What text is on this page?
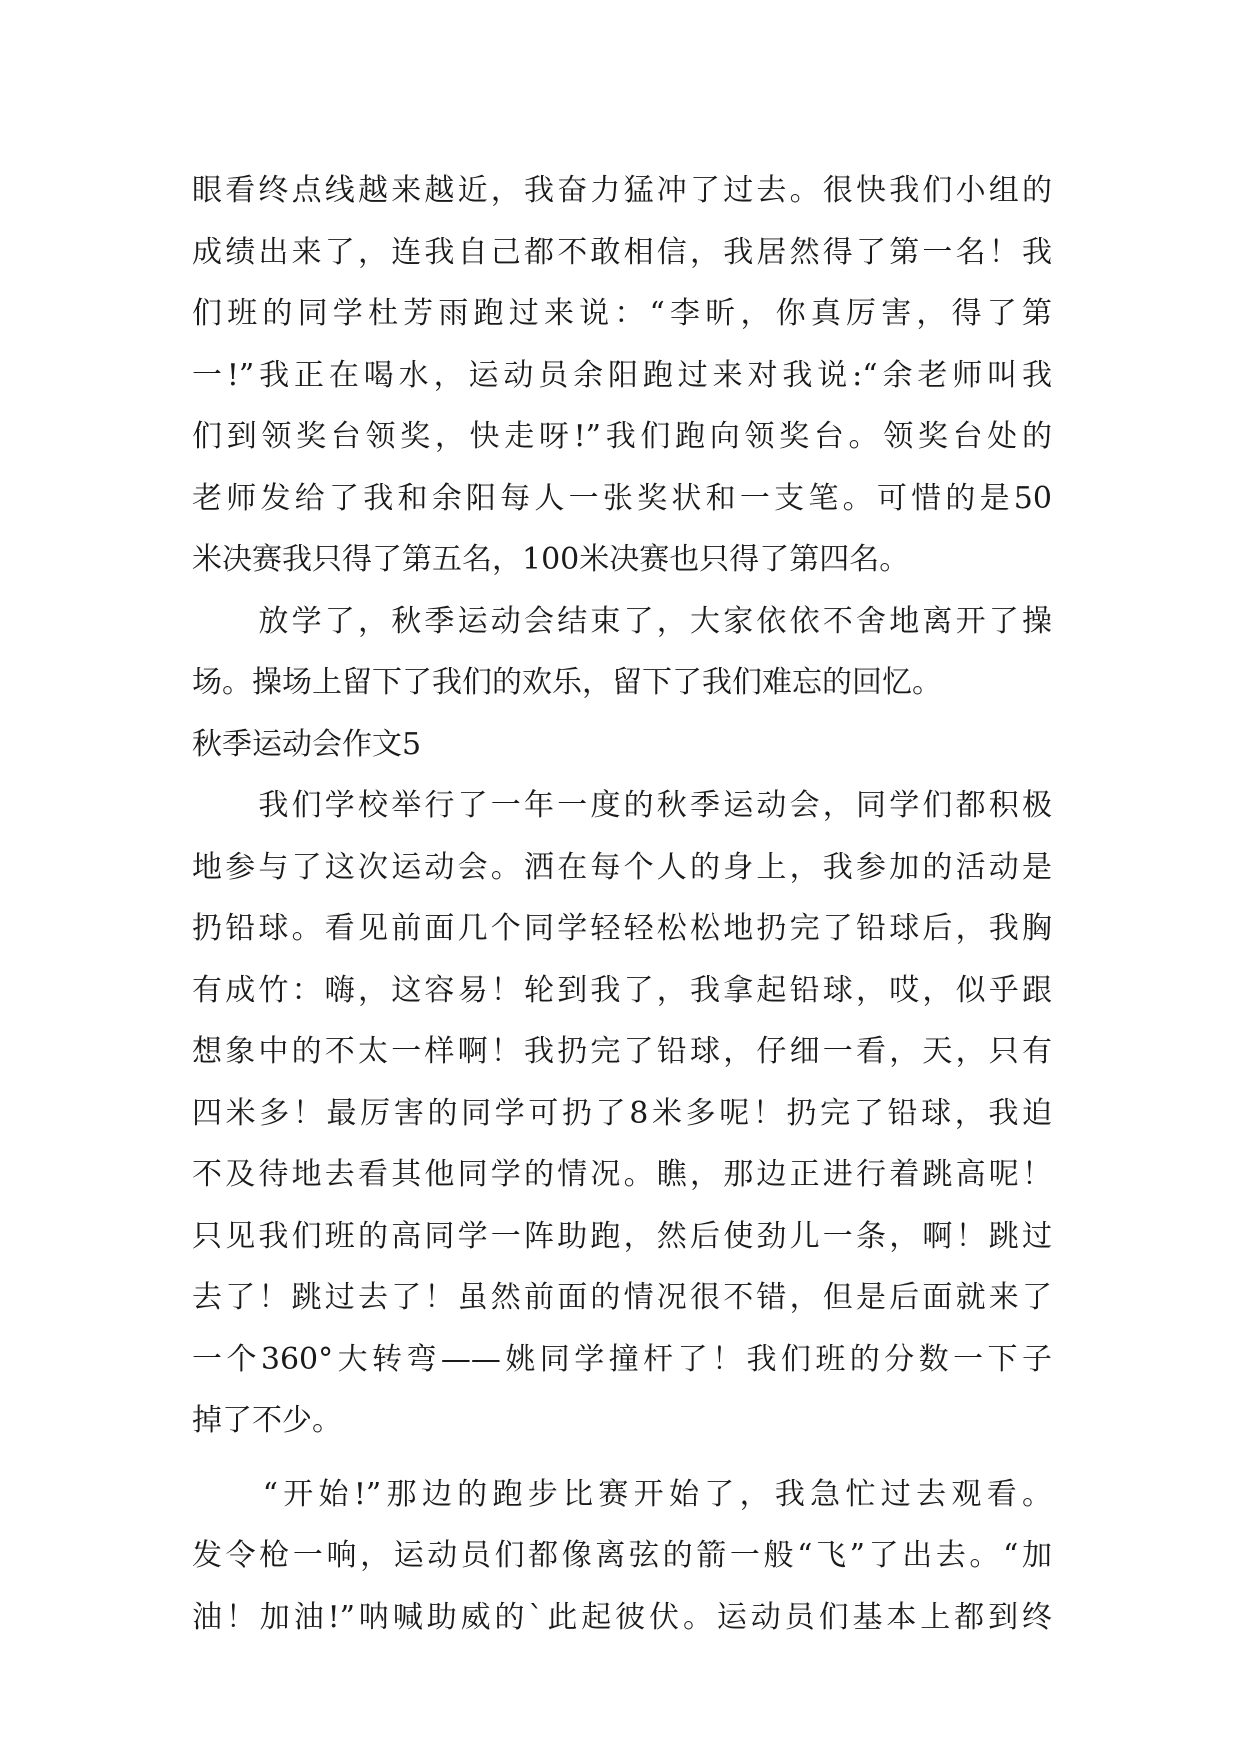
眼看终点线越来越近，我奋力猛冲了过去。很快我们小组的
成绩出来了，连我自己都不敢相信，我居然得了第一名！我
们班的同学杜芳雨跑过来说：“李昕，你真厉害，得了第
一!”我正在喝水，运动员余阳跑过来对我说:“余老师叫我
们到领奖台领奖，快走呀!”我们跑向领奖台。领奖台处的
老师发给了我和余阳每人一张奖状和一支笔。可惜的是50
米决赛我只得了第五名，100米决赛也只得了第四名。
　　放学了，秋季运动会结束了，大家依依不舍地离开了操
场。操场上留下了我们的欢乐，留下了我们难忘的回忆。
秋季运动会作文5
　　我们学校举行了一年一度的秋季运动会，同学们都积极
地参与了这次运动会。洒在每个人的身上，我参加的活动是
扔铅球。看见前面几个同学轻轻松松地扔完了铅球后，我胸
有成竹：嗨，这容易！轮到我了，我拿起铅球，哎，似乎跟
想象中的不太一样啊！我扔完了铅球，仔细一看，天，只有
四米多！最厉害的同学可扔了8米多呢！扔完了铅球，我迫
不及待地去看其他同学的情况。瞧，那边正进行着跳高呢！
只见我们班的高同学一阵助跑，然后使劲儿一条，啊！跳过
去了！跳过去了！虽然前面的情况很不错，但是后面就来了
一个360°大转弯——姚同学撞杆了！我们班的分数一下子
掉了不少。
　　“开始!”那边的跑步比赛开始了，我急忙过去观看。
发令枪一响，运动员们都像离弦的箭一般“飞”了出去。“加
油！加油!”呐喊助威的`此起彼伏。运动员们基本上都到终
